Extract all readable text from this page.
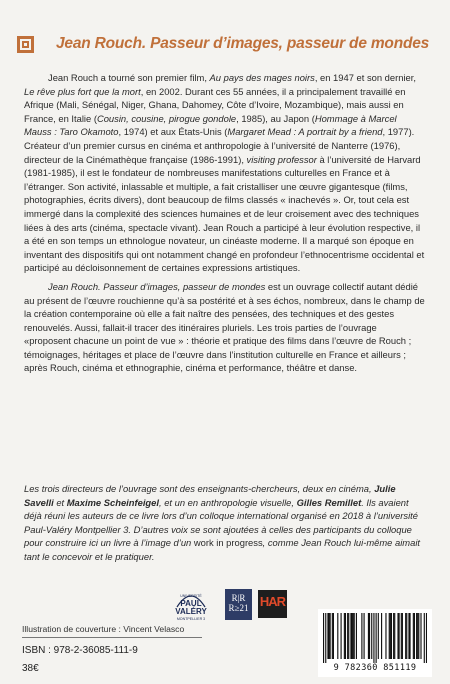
Jean Rouch. Passeur d’images, passeur de mondes

Jean Rouch a tourné son premier film, Au pays des mages noirs, en 1947 et son dernier, Le rêve plus fort que la mort, en 2002. Durant ces 55 années, il a principalement travaillé en Afrique (Mali, Sénégal, Niger, Ghana, Dahomey, Côte d’Ivoire, Mozambique), mais aussi en France, en Italie (Cousin, cousine, pirogue gondole, 1985), au Japon (Hommage à Marcel Mauss : Taro Okamoto, 1974) et aux États-Unis (Margaret Mead : A portrait by a friend, 1977). Créateur d’un premier cursus en cinéma et anthropologie à l’université de Nanterre (1976), directeur de la Cinémathèque française (1986-1991), visiting professor à l’université de Harvard (1981-1985), il est le fondateur de nombreuses manifestations culturelles en France et à l’étranger. Son activité, inlassable et multiple, a fait cristalliser une œuvre gigantesque (films, photographies, écrits divers), dont beaucoup de films classés « inachevés ». Or, tout cela est immergé dans la complexité des sciences humaines et de leur croisement avec des techniques liées à des arts (cinéma, spectacle vivant). Jean Rouch a participé à leur évolution respective, il a été en son temps un ethnologue novateur, un cinéaste moderne. Il a marqué son époque en inventant des dispositifs qui ont notamment changé en profondeur l’ethnocentrisme occidental et participé au décloisonnement de certaines expressions artistiques.

Jean Rouch. Passeur d’images, passeur de mondes est un ouvrage collectif autant dédié au présent de l’œuvre rouchienne qu’à sa postérité et à ses échos, nombreux, dans le champ de la création contemporaine où elle a fait naître des pensées, des techniques et des gestes renouvelés. Aussi, fallait-il tracer des itinéraires pluriels. Les trois parties de l’ouvrage «proposent chacune un point de vue » : théorie et pratique des films dans l’œuvre de Rouch ; témoignages, héritages et place de l’œuvre dans l’institution culturelle en France et ailleurs ; après Rouch, cinéma et ethnographie, cinéma et performance, théâtre et danse.

Les trois directeurs de l’ouvrage sont des enseignants-chercheurs, deux en cinéma, Julie Savelli et Maxime Scheinfeigel, et un en anthropologie visuelle, Gilles Remillet. Ils avaient déjà réuni les auteurs de ce livre lors d’un colloque international organisé en 2018 à l’université Paul-Valéry Montpellier 3. D’autres voix se sont ajoutées à celles des participants du colloque pour construire ici un livre à l’image d’un work in progress, comme Jean Rouch lui-même aimait tant le concevoir et le pratiquer.
UNIVERSITÉ
PAUL
VALÉRY
MONTPELLIER 3
R|R
R≥21 HAR
Illustration de couverture : Vincent Velasco
ISBN : 978-2-36085-111-9
38€	9 782360 851119
